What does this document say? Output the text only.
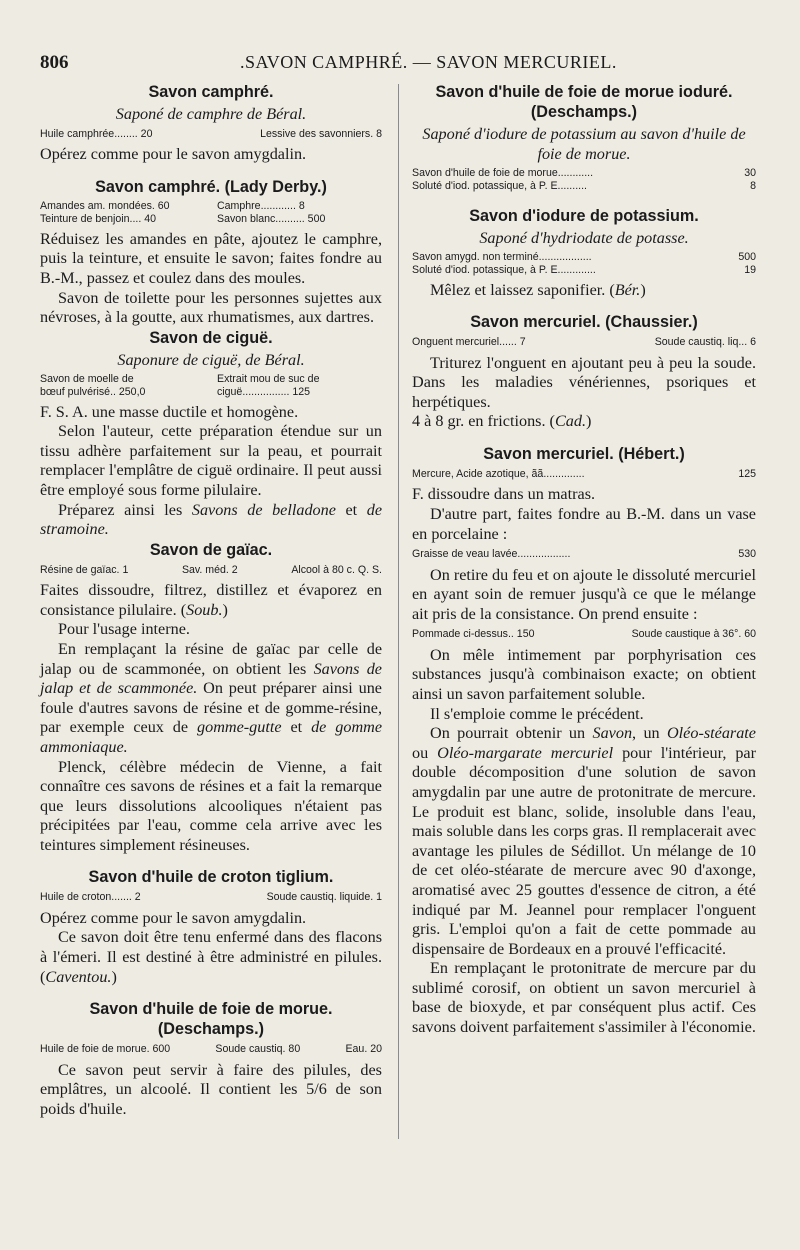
806	.SAVON CAMPHRÉ. — SAVON MERCURIEL.
Savon camphré.
Saponé de camphre de Béral.
Huile camphrée........ 20	Lessive des savonniers. 8

Opérez comme pour le savon amygdalin.

Savon camphré. (Lady Derby.)
Amandes am. mondées. 60	Camphre............ 8
Teinture de benjoin.... 40	Savon blanc.......... 500

Réduisez les amandes en pâte, ajoutez le camphre, puis la teinture, et ensuite le savon; faites fondre au B.-M., passez et coulez dans des moules.

Savon de toilette pour les personnes sujettes aux névroses, à la goutte, aux rhumatismes, aux dartres.

Savon de ciguë.
Saponure de ciguë, de Béral.
Savon de moelle de	Extrait mou de suc de
bœuf pulvérisé.. 250,0	ciguë................ 125

F. S. A. une masse ductile et homogène.

Selon l'auteur, cette préparation étendue sur un tissu adhère parfaitement sur la peau, et pourrait remplacer l'emplâtre de ciguë ordinaire. Il peut aussi être employé sous forme pilulaire.

Préparez ainsi les Savons de belladone et de stramoine.

Savon de gaïac.
Résine de gaïac. 1	Sav. méd. 2	Alcool à 80 c. Q. S.

Faites dissoudre, filtrez, distillez et évaporez en consistance pilulaire. (Soub.)

Pour l'usage interne.

En remplaçant la résine de gaïac par celle de jalap ou de scammonée, on obtient les Savons de jalap et de scammonée. On peut préparer ainsi une foule d'autres savons de résine et de gomme-résine, par exemple ceux de gomme-gutte et de gomme ammoniaque.

Plenck, célèbre médecin de Vienne, a fait connaître ces savons de résines et a fait la remarque que leurs dissolutions alcooliques n'étaient pas précipitées par l'eau, comme cela arrive avec les teintures simplement résineuses.

Savon d'huile de croton tiglium.
Huile de croton....... 2	Soude caustiq. liquide. 1

Opérez comme pour le savon amygdalin.

Ce savon doit être tenu enfermé dans des flacons à l'émeri. Il est destiné à être administré en pilules. (Caventou.)

Savon d'huile de foie de morue. (Deschamps.)
Huile de foie de morue. 600	Soude caustiq. 80	Eau. 20

Ce savon peut servir à faire des pilules, des emplâtres, un alcoolé. Il contient les 5/6 de son poids d'huile.

Savon d'huile de foie de morue ioduré.
(Deschamps.)
Saponé d'iodure de potassium au savon d'huile de foie de morue.
Savon d'huile de foie de morue............	30
Soluté d'iod. potassique, à P. E..........	8
Savon d'iodure de potassium.
Saponé d'hydriodate de potasse.
Savon amygd. non terminé..................	500
Soluté d'iod. potassique, à P. E.............	19

Mêlez et laissez saponifier. (Bér.)

Savon mercuriel. (Chaussier.)
Onguent mercuriel...... 7	Soude caustiq. liq... 6

Triturez l'onguent en ajoutant peu à peu la soude. Dans les maladies vénériennes, psoriques et herpétiques.

4 à 8 gr. en frictions. (Cad.)

Savon mercuriel. (Hébert.)
Mercure, Acide azotique, ãã..............	125

F. dissoudre dans un matras.

D'autre part, faites fondre au B.-M. dans un vase en porcelaine :

Graisse de veau lavée..................	530

On retire du feu et on ajoute le dissoluté mercuriel en ayant soin de remuer jusqu'à ce que le mélange ait pris de la consistance. On prend ensuite :

Pommade ci-dessus.. 150	Soude caustique à 36°. 60

On mêle intimement par porphyrisation ces substances jusqu'à combinaison exacte; on obtient ainsi un savon parfaitement soluble.

Il s'emploie comme le précédent.

On pourrait obtenir un Savon, un Oléo-stéarate ou Oléo-margarate mercuriel pour l'intérieur, par double décomposition d'une solution de savon amygdalin par une autre de protonitrate de mercure. Le produit est blanc, solide, insoluble dans l'eau, mais soluble dans les corps gras. Il remplacerait avec avantage les pilules de Sédillot. Un mélange de 10 de cet oléo-stéarate de mercure avec 90 d'axonge, aromatisé avec 25 gouttes d'essence de citron, a été indiqué par M. Jeannel pour remplacer l'onguent gris. L'emploi qu'on a fait de cette pommade au dispensaire de Bordeaux en a prouvé l'efficacité.

En remplaçant le protonitrate de mercure par du sublimé corosif, on obtient un savon mercuriel à base de bioxyde, et par conséquent plus actif. Ces savons doivent parfaitement s'assimiler à l'économie.
